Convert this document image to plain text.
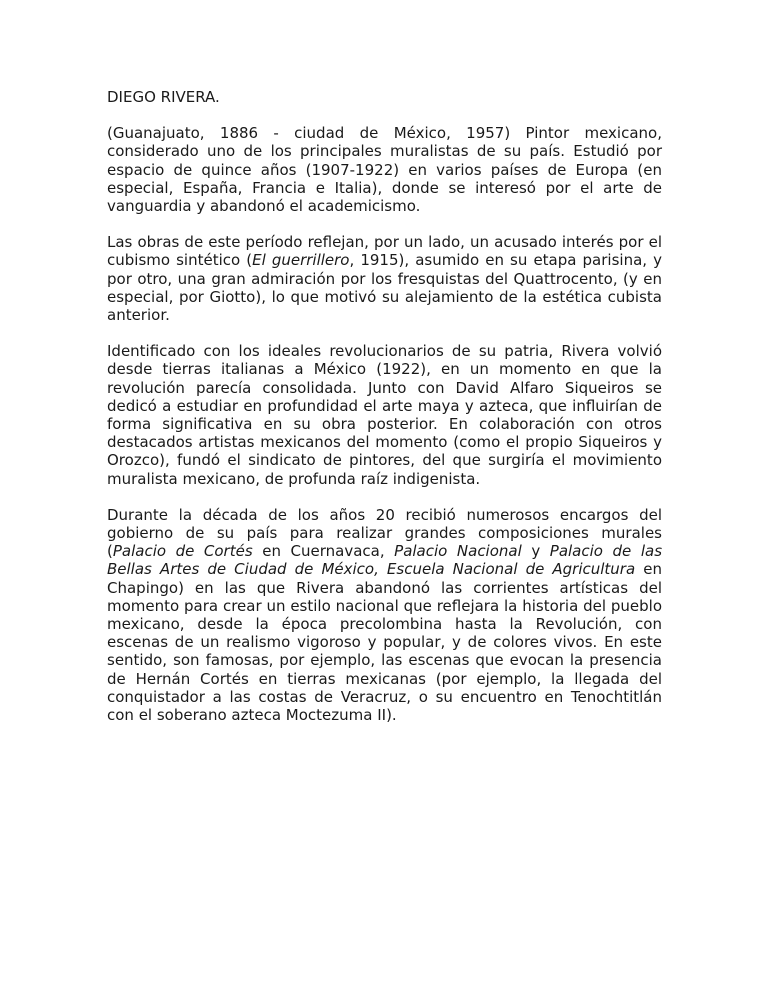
DIEGO RIVERA.

(Guanajuato, 1886 - ciudad de México, 1957) Pintor mexicano, considerado uno de los principales muralistas de su país. Estudió por espacio de quince años (1907-1922) en varios países de Europa (en especial, España, Francia e Italia), donde se interesó por el arte de vanguardia y abandonó el academicismo.

Las obras de este período reflejan, por un lado, un acusado interés por el cubismo sintético (El guerrillero, 1915), asumido en su etapa parisina, y por otro, una gran admiración por los fresquistas del Quattrocento, (y en especial, por Giotto), lo que motivó su alejamiento de la estética cubista anterior.

Identificado con los ideales revolucionarios de su patria, Rivera volvió desde tierras italianas a México (1922), en un momento en que la revolución parecía consolidada. Junto con David Alfaro Siqueiros se dedicó a estudiar en profundidad el arte maya y azteca, que influirían de forma significativa en su obra posterior. En colaboración con otros destacados artistas mexicanos del momento (como el propio Siqueiros y Orozco), fundó el sindicato de pintores, del que surgiría el movimiento muralista mexicano, de profunda raíz indigenista.

Durante la década de los años 20 recibió numerosos encargos del gobierno de su país para realizar grandes composiciones murales (Palacio de Cortés en Cuernavaca, Palacio Nacional y Palacio de las Bellas Artes de Ciudad de México, Escuela Nacional de Agricultura en Chapingo) en las que Rivera abandonó las corrientes artísticas del momento para crear un estilo nacional que reflejara la historia del pueblo mexicano, desde la época precolombina hasta la Revolución, con escenas de un realismo vigoroso y popular, y de colores vivos. En este sentido, son famosas, por ejemplo, las escenas que evocan la presencia de Hernán Cortés en tierras mexicanas (por ejemplo, la llegada del conquistador a las costas de Veracruz, o su encuentro en Tenochtitlán con el soberano azteca Moctezuma II).
